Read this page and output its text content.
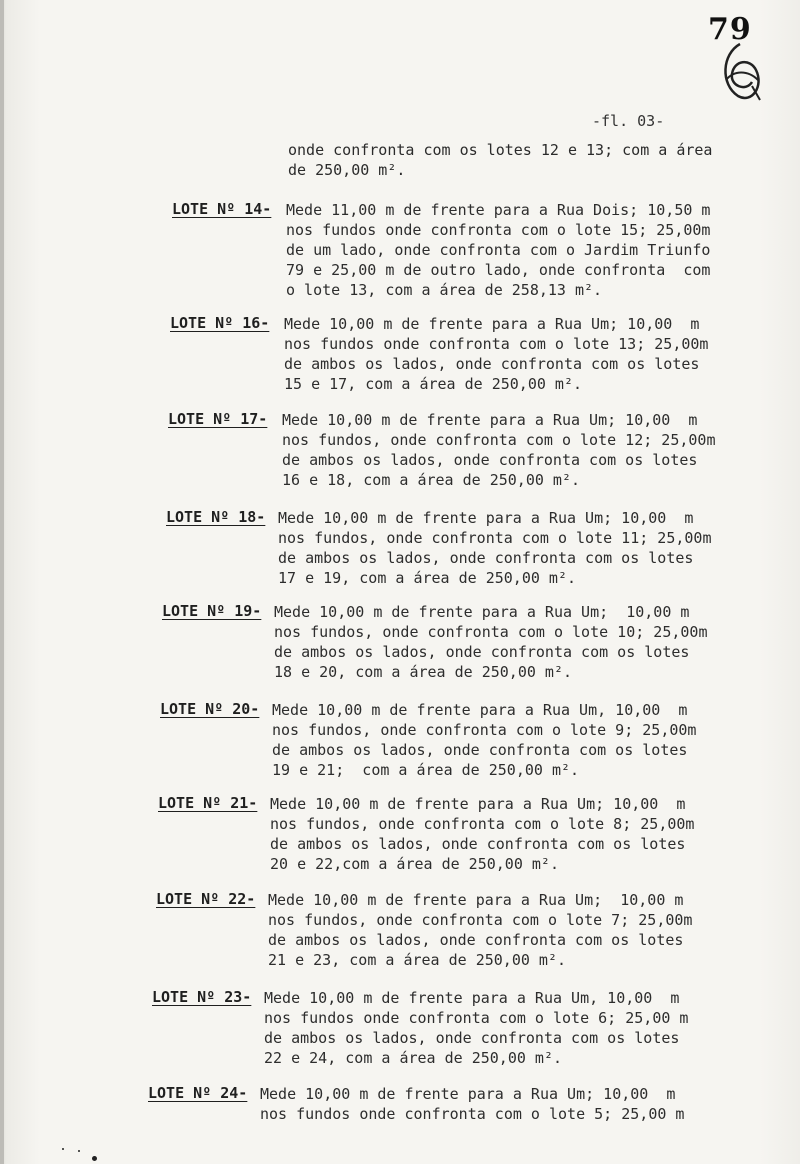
79
-fl. 03-
onde confronta com os lotes 12 e 13; com a área
de 250,00 m².
LOTE Nº 14- Mede 11,00 m de frente para a Rua Dois; 10,50 m
nos fundos onde confronta com o lote 15; 25,00m
de um lado, onde confronta com o Jardim Triunfo
79 e 25,00 m de outro lado, onde confronta  com
o lote 13, com a área de 258,13 m².
LOTE Nº 16- Mede 10,00 m de frente para a Rua Um; 10,00  m
nos fundos onde confronta com o lote 13; 25,00m
de ambos os lados, onde confronta com os lotes
15 e 17, com a área de 250,00 m².
LOTE Nº 17- Mede 10,00 m de frente para a Rua Um; 10,00  m
nos fundos, onde confronta com o lote 12; 25,00m
de ambos os lados, onde confronta com os lotes
16 e 18, com a área de 250,00 m².
LOTE Nº 18- Mede 10,00 m de frente para a Rua Um; 10,00  m
nos fundos, onde confronta com o lote 11; 25,00m
de ambos os lados, onde confronta com os lotes
17 e 19, com a área de 250,00 m².
LOTE Nº 19- Mede 10,00 m de frente para a Rua Um;  10,00 m
nos fundos, onde confronta com o lote 10; 25,00m
de ambos os lados, onde confronta com os lotes
18 e 20, com a área de 250,00 m².
LOTE Nº 20- Mede 10,00 m de frente para a Rua Um, 10,00  m
nos fundos, onde confronta com o lote 9; 25,00m
de ambos os lados, onde confronta com os lotes
19 e 21;  com a área de 250,00 m².
LOTE Nº 21- Mede 10,00 m de frente para a Rua Um; 10,00  m
nos fundos, onde confronta com o lote 8; 25,00m
de ambos os lados, onde confronta com os lotes
20 e 22,com a área de 250,00 m².
LOTE Nº 22- Mede 10,00 m de frente para a Rua Um;  10,00 m
nos fundos, onde confronta com o lote 7; 25,00m
de ambos os lados, onde confronta com os lotes
21 e 23, com a área de 250,00 m².
LOTE Nº 23- Mede 10,00 m de frente para a Rua Um, 10,00  m
nos fundos onde confronta com o lote 6; 25,00 m
de ambos os lados, onde confronta com os lotes
22 e 24, com a área de 250,00 m².
LOTE Nº 24- Mede 10,00 m de frente para a Rua Um; 10,00  m
nos fundos onde confronta com o lote 5; 25,00 m
